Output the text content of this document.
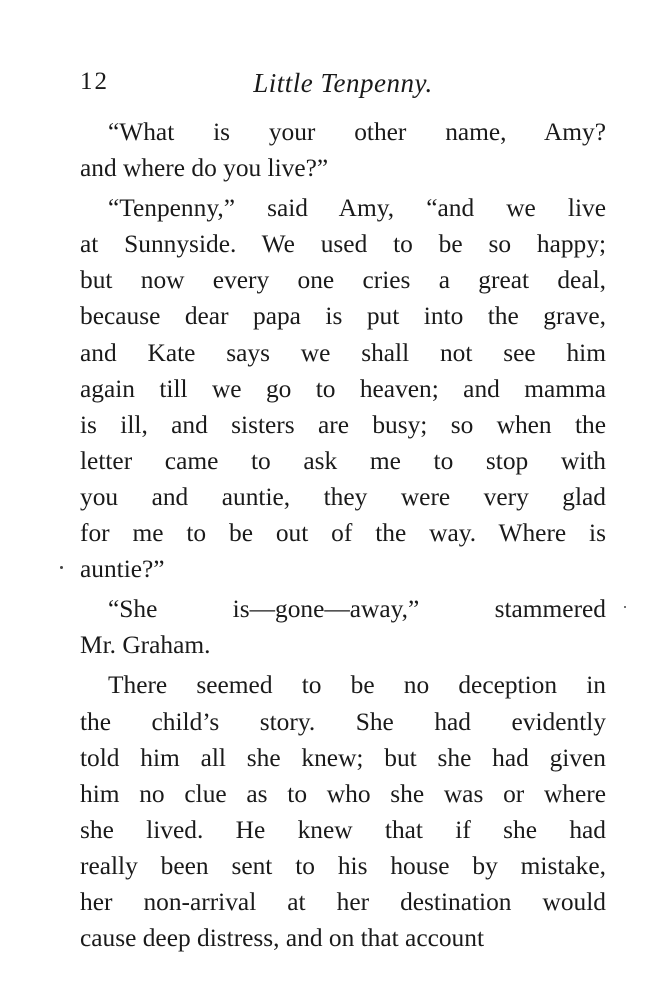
12	Little Tenpenny.
“What is your other name, Amy?
and where do you live?”
“Tenpenny,” said Amy, “and we live
at Sunnyside. We used to be so happy;
but now every one cries a great deal,
because dear papa is put into the grave,
and Kate says we shall not see him
again till we go to heaven; and mamma
is ill, and sisters are busy; so when the
letter came to ask me to stop with
you and auntie, they were very glad
for me to be out of the way. Where is
auntie?”
“She is—gone—away,” stammered
Mr. Graham.
There seemed to be no deception in
the child’s story. She had evidently
told him all she knew; but she had given
him no clue as to who she was or where
she lived. He knew that if she had
really been sent to his house by mistake,
her non-arrival at her destination would
cause deep distress, and on that account
